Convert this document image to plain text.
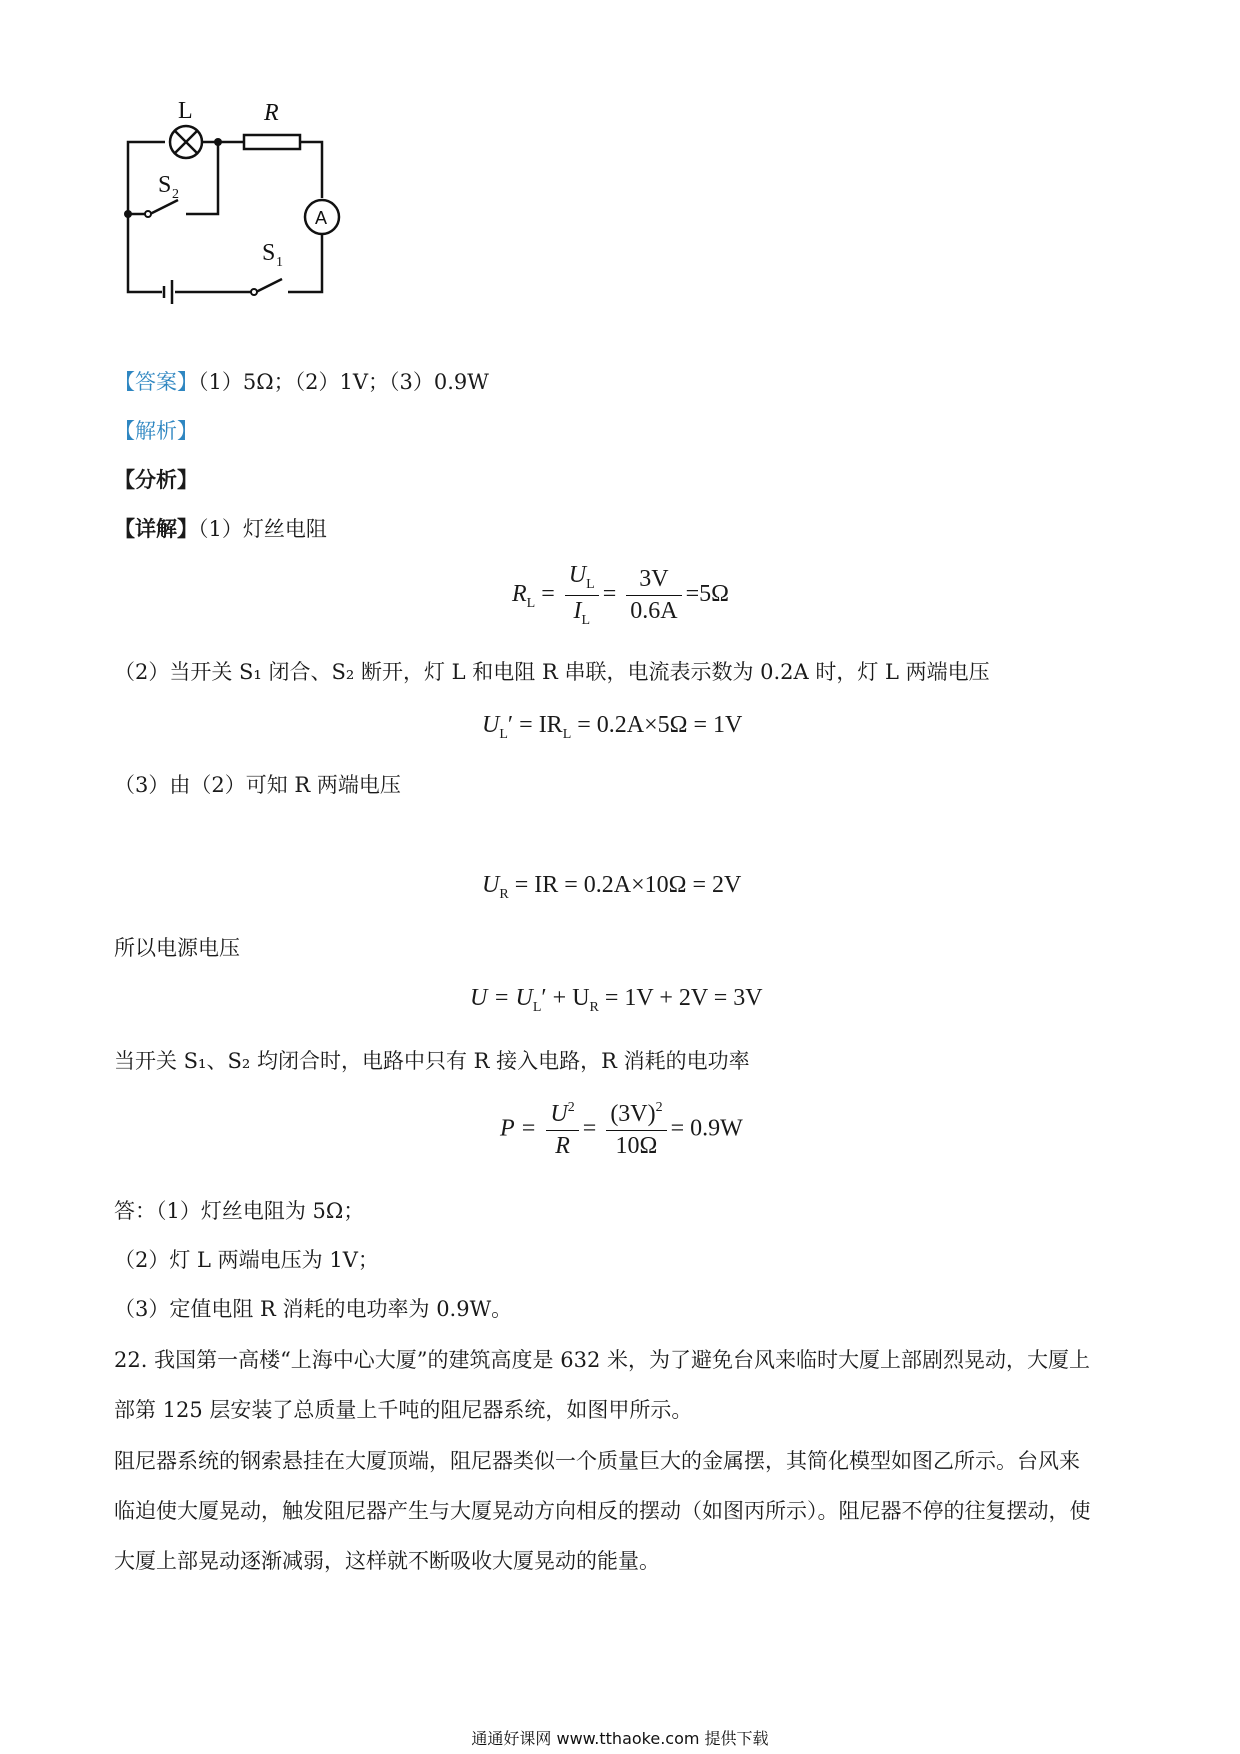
L	R
A
S 2
S 1
【答案】（1）5Ω；（2）1V；（3）0.9W
【解析】
【分析】
【详解】（1）灯丝电阻
$R_L = \frac{U_L}{I_L} = \frac{3V}{0.6A} =5\Omega$
（2）当开关 S₁ 闭合、S₂ 断开，灯 L 和电阻 R 串联，电流表示数为 0.2A 时，灯 L 两端电压
$U_L' = IR_L = 0.2A\times 5\Omega = 1V$
（3）由（2）可知 R 两端电压
$U_R$ = IR = 0.2A×10Ω = 2V
所以电源电压
$U = U_L' + U_R = 1V + 2V = 3V$
当开关 S₁、S₂ 均闭合时，电路中只有 R 接入电路，R 消耗的电功率
$P = \frac{U^2}{R} = \frac{(3V)^2}{10\Omega} = 0.9W$
答：（1）灯丝电阻为 5Ω；
（2）灯 L 两端电压为 1V；
（3）定值电阻 R 消耗的电功率为 0.9W。
22. 我国第一高楼“上海中心大厦”的建筑高度是 632 米，为了避免台风来临时大厦上部剧烈晃动，大厦上
部第 125 层安装了总质量上千吨的阻尼器系统，如图甲所示。
阻尼器系统的钢索悬挂在大厦顶端，阻尼器类似一个质量巨大的金属摆，其简化模型如图乙所示。台风来
临迫使大厦晃动，触发阻尼器产生与大厦晃动方向相反的摆动（如图丙所示）。阻尼器不停的往复摆动，使
大厦上部晃动逐渐减弱，这样就不断吸收大厦晃动的能量。
通通好课网 www.tthaoke.com 提供下载
